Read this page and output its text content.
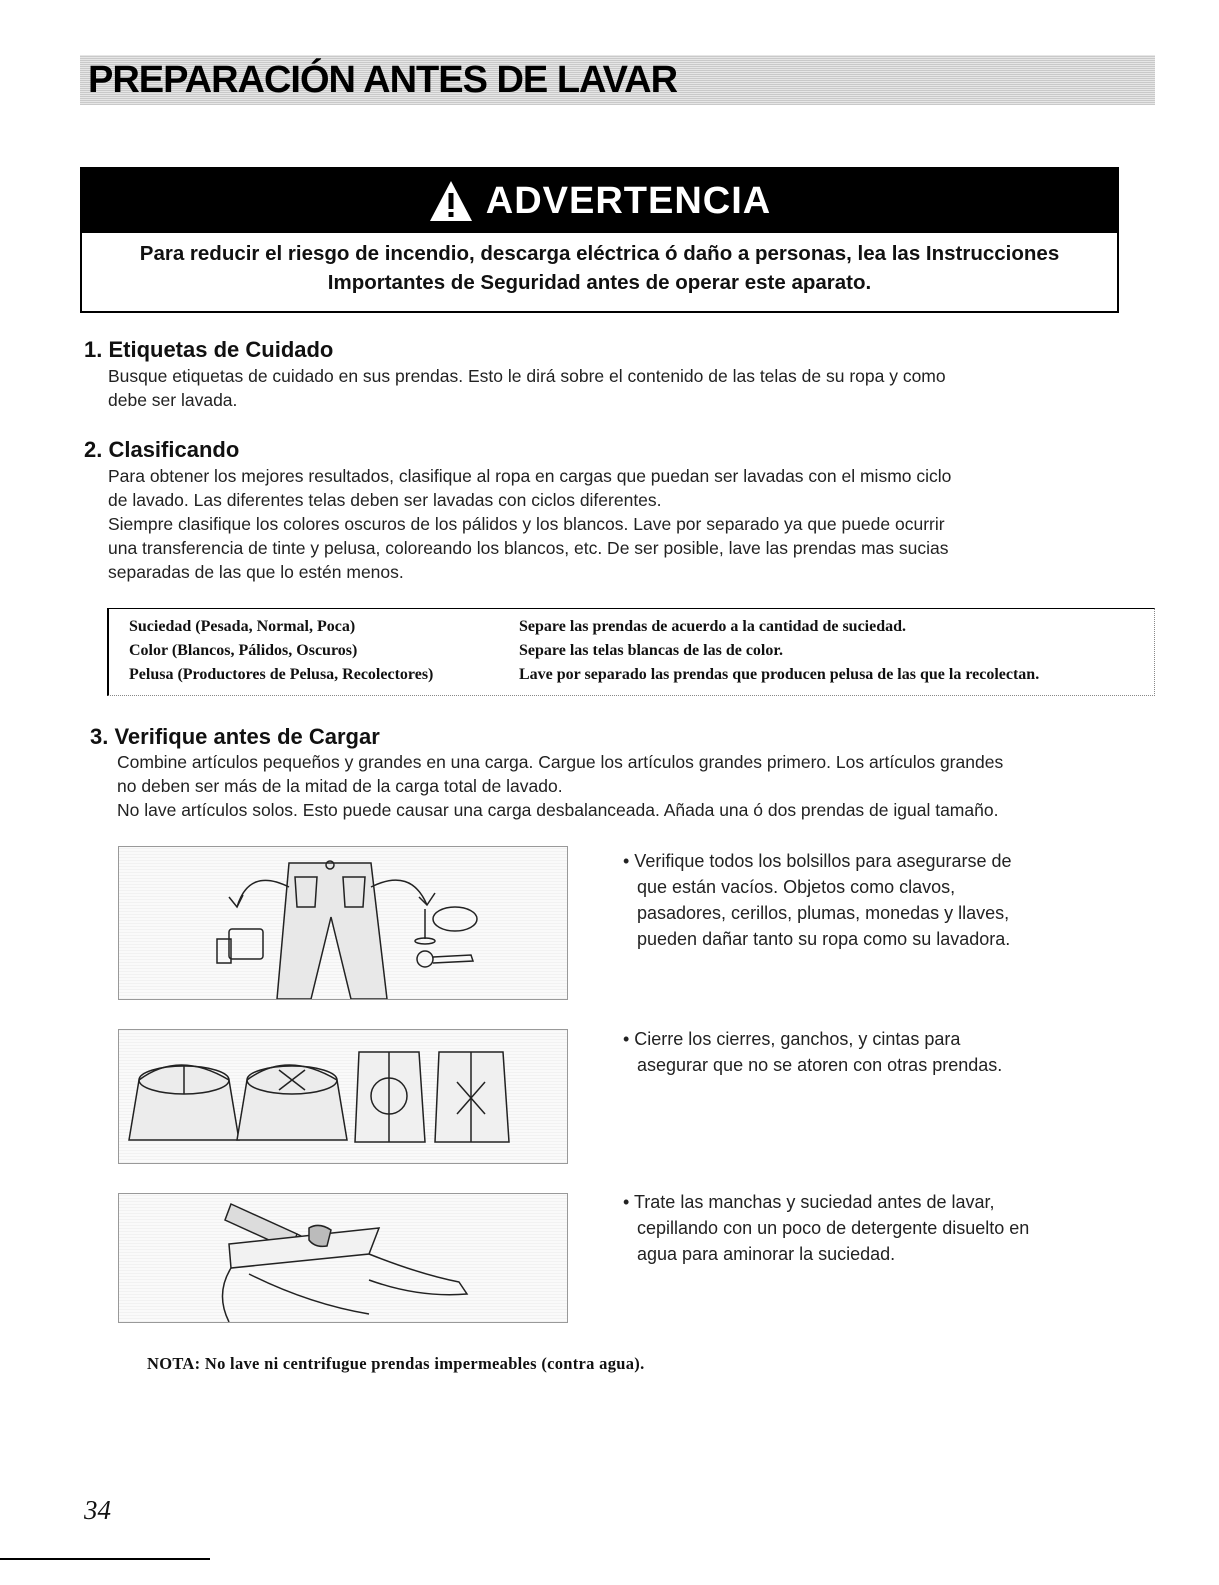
PREPARACIÓN ANTES DE LAVAR
ADVERTENCIA
Para reducir el riesgo de incendio, descarga eléctrica ó daño a personas, lea las Instrucciones
Importantes de Seguridad antes de operar este aparato.
1. Etiquetas de Cuidado
Busque etiquetas de cuidado en sus prendas. Esto le dirá sobre el contenido de las telas de su ropa y como
debe ser lavada.
2. Clasificando
Para obtener los mejores resultados, clasifique al ropa en cargas que puedan ser lavadas con el mismo ciclo
de lavado. Las diferentes telas deben ser lavadas con ciclos diferentes.
Siempre clasifique los colores oscuros de los pálidos y los blancos. Lave por separado ya que puede ocurrir
una transferencia de tinte y pelusa, coloreando los blancos, etc. De ser posible, lave las prendas mas sucias
separadas de las que lo estén menos.
Suciedad (Pesada, Normal, Poca)	Separe las prendas de acuerdo a la cantidad de suciedad.
Color (Blancos, Pálidos, Oscuros)	Separe las telas blancas de las de color.
Pelusa (Productores de Pelusa, Recolectores)	Lave por separado las prendas que producen pelusa de las que la recolectan.
3. Verifique antes de Cargar
Combine artículos pequeños y grandes en una carga. Cargue los artículos grandes primero. Los artículos grandes
no deben ser más de la mitad de la carga total de lavado.
No lave artículos solos. Esto puede causar una carga desbalanceada. Añada una ó dos prendas de igual tamaño.
• Verifique todos los bolsillos para asegurarse de
que están vacíos. Objetos como clavos,
pasadores, cerillos, plumas, monedas y llaves,
pueden dañar tanto su ropa como su lavadora.
• Cierre los cierres, ganchos, y cintas para
asegurar que no se atoren con otras prendas.
• Trate las manchas y suciedad antes de lavar,
cepillando con un poco de detergente disuelto en
agua para aminorar la suciedad.
NOTA: No lave ni centrifugue prendas impermeables (contra agua).
34
